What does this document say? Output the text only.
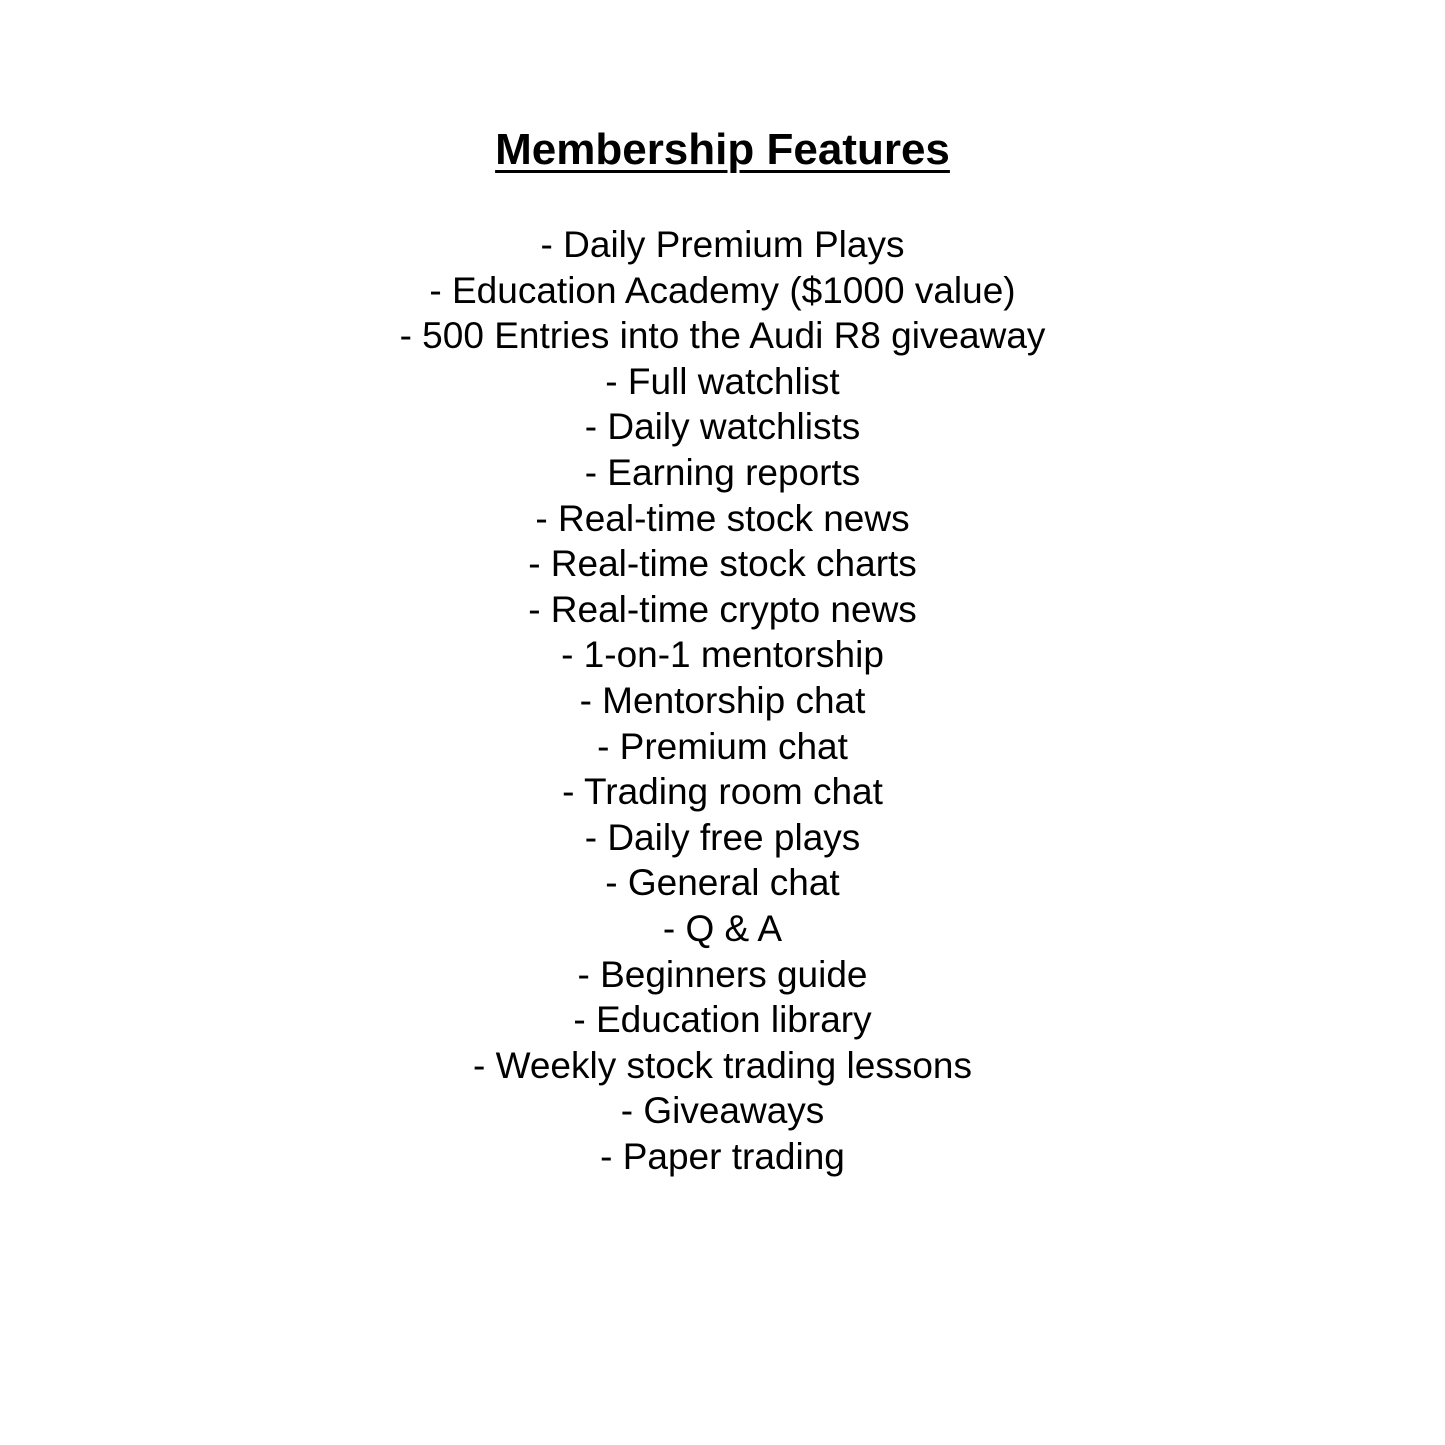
Membership Features
- Daily Premium Plays
- Education Academy ($1000 value)
- 500 Entries into the Audi R8 giveaway
- Full watchlist
- Daily watchlists
- Earning reports
- Real-time stock news
- Real-time stock charts
- Real-time crypto news
- 1-on-1 mentorship
- Mentorship chat
- Premium chat
- Trading room chat
- Daily free plays
- General chat
- Q & A
- Beginners guide
- Education library
- Weekly stock trading lessons
- Giveaways
- Paper trading
